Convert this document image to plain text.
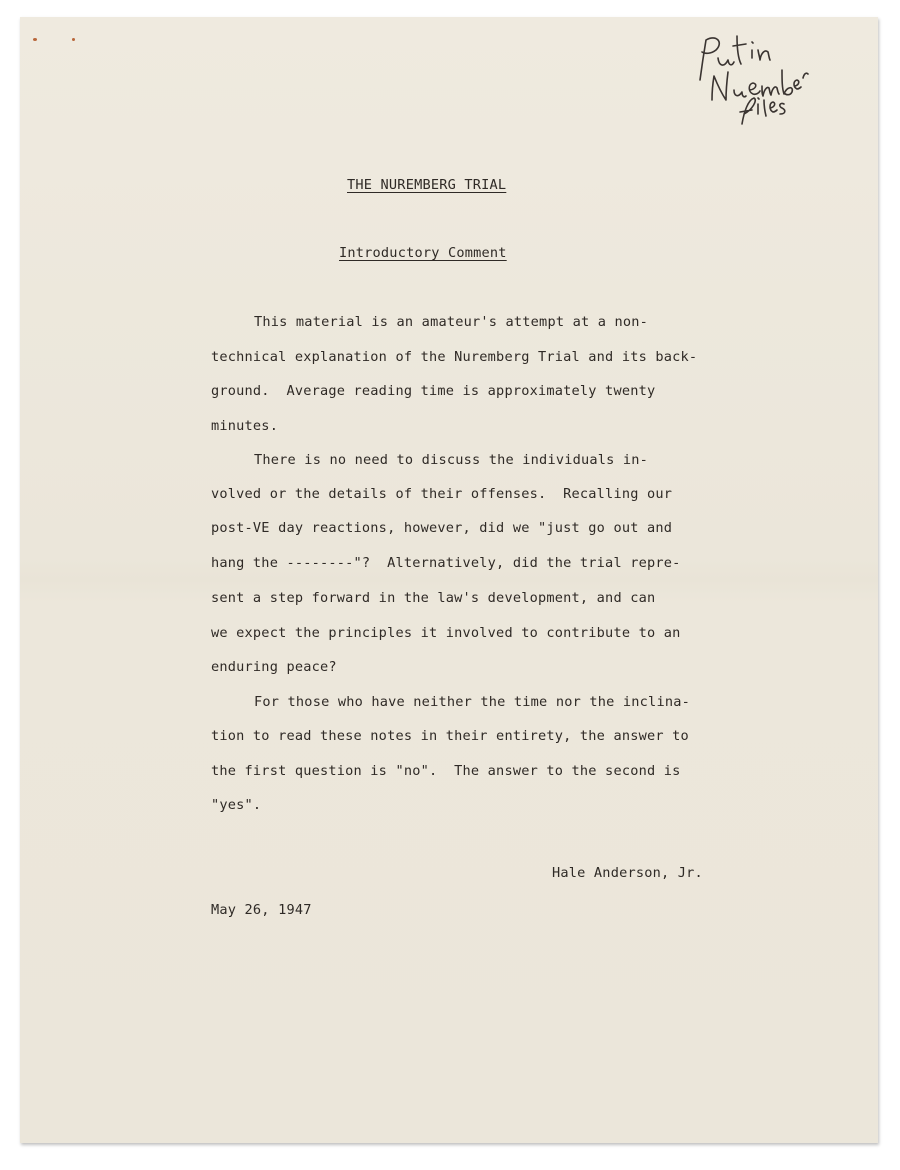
THE NUREMBERG TRIAL
Introductory Comment
This material is an amateur's attempt at a non-
technical explanation of the Nuremberg Trial and its back-
ground.  Average reading time is approximately twenty
minutes.
There is no need to discuss the individuals in-
volved or the details of their offenses.  Recalling our
post-VE day reactions, however, did we "just go out and
hang the --------"?  Alternatively, did the trial repre-
sent a step forward in the law's development, and can
we expect the principles it involved to contribute to an
enduring peace?
For those who have neither the time nor the inclina-
tion to read these notes in their entirety, the answer to
the first question is "no".  The answer to the second is
"yes".
Hale Anderson, Jr.
May 26, 1947
